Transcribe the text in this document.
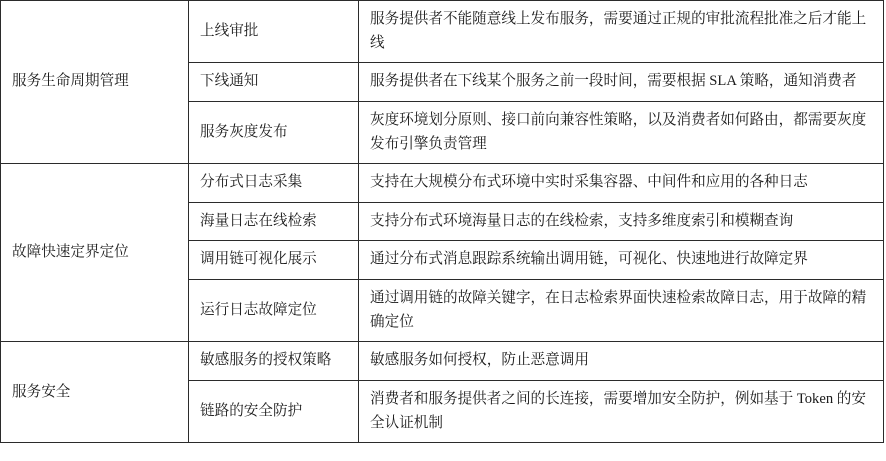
服务生命周期管理	上线审批	服务提供者不能随意线上发布服务，需要通过正规的审批流程批准之后才能上线

	下线通知	服务提供者在下线某个服务之前一段时间，需要根据 SLA 策略，通知消费者

	服务灰度发布	灰度环境划分原则、接口前向兼容性策略，以及消费者如何路由，都需要灰度发布引擎负责管理

故障快速定界定位	分布式日志采集	支持在大规模分布式环境中实时采集容器、中间件和应用的各种日志

	海量日志在线检索	支持分布式环境海量日志的在线检索，支持多维度索引和模糊查询

	调用链可视化展示	通过分布式消息跟踪系统输出调用链，可视化、快速地进行故障定界

	运行日志故障定位	通过调用链的故障关键字，在日志检索界面快速检索故障日志，用于故障的精确定位

服务安全	敏感服务的授权策略	敏感服务如何授权，防止恶意调用

	链路的安全防护	消费者和服务提供者之间的长连接，需要增加安全防护，例如基于 Token 的安全认证机制
